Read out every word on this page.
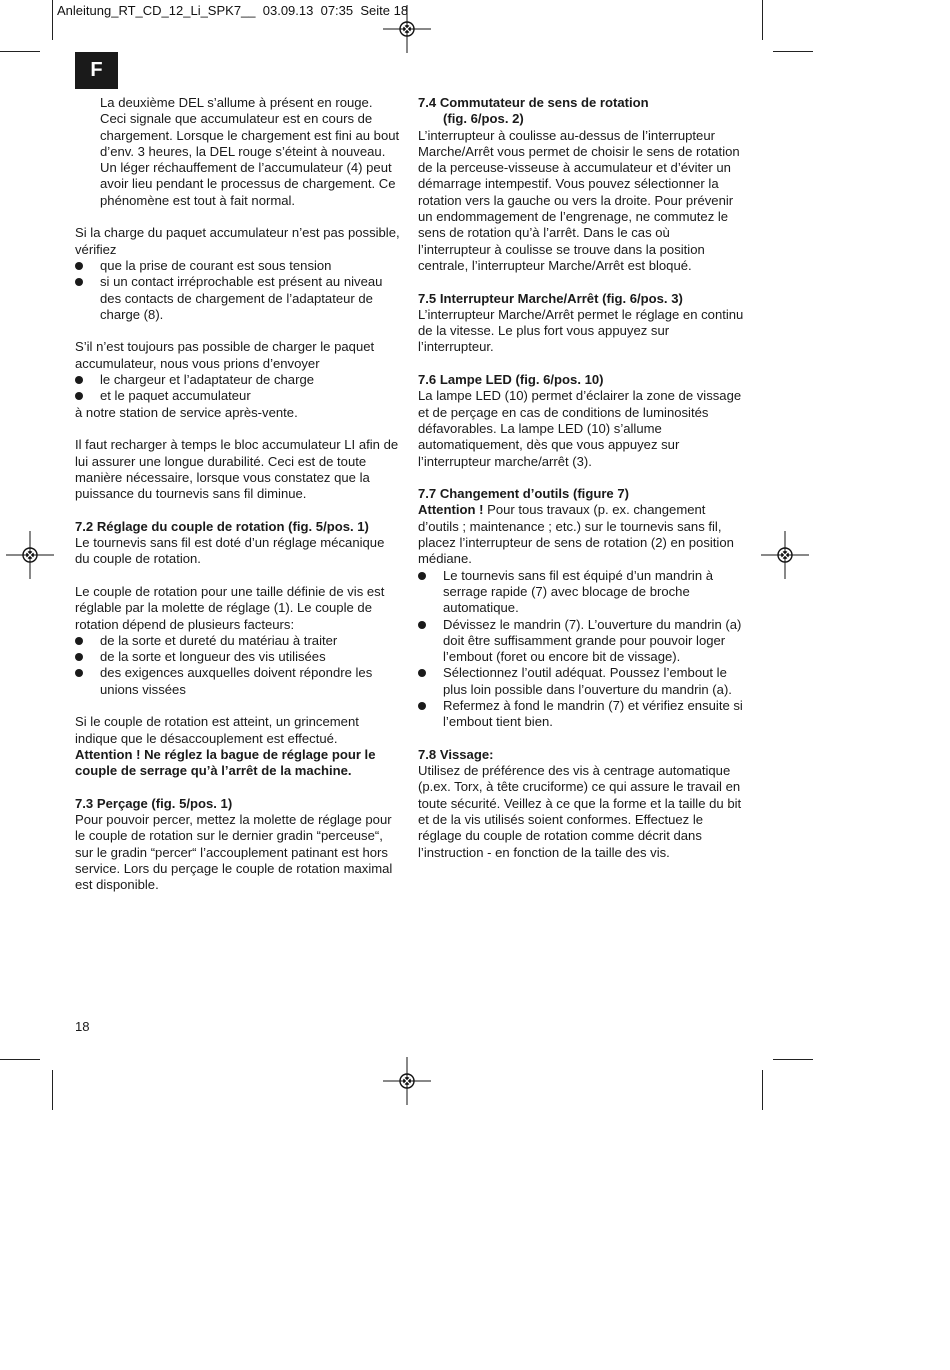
Anleitung_RT_CD_12_Li_SPK7__ 03.09.13 07:35 Seite 18
F

La deuxième DEL s’allume à présent en rouge. Ceci signale que accumulateur est en cours de chargement. Lorsque le chargement est fini au bout d’env. 3 heures, la DEL rouge s’éteint à nouveau. Un léger réchauffement de l’accumulateur (4) peut avoir lieu pendant le processus de chargement. Ce phénomène est tout à fait normal.

Si la charge du paquet accumulateur n’est pas possible, vérifiez
que la prise de courant est sous tension
si un contact irréprochable est présent au niveau des contacts de chargement de l’adaptateur de charge (8).
S’il n’est toujours pas possible de charger le paquet accumulateur, nous vous prions d’envoyer
le chargeur et l’adaptateur de charge
et le paquet accumulateur
à notre station de service après-vente.

Il faut recharger à temps le bloc accumulateur LI afin de lui assurer une longue durabilité. Ceci est de toute manière nécessaire, lorsque vous constatez que la puissance du tournevis sans fil diminue.

7.2 Réglage du couple de rotation (fig. 5/pos. 1)
Le tournevis sans fil est doté d’un réglage mécanique du couple de rotation.
Le couple de rotation pour une taille définie de vis est réglable par la molette de réglage (1). Le couple de rotation dépend de plusieurs facteurs:
de la sorte et dureté du matériau à traiter
de la sorte et longueur des vis utilisées
des exigences auxquelles doivent répondre les unions vissées
Si le couple de rotation est atteint, un grincement indique que le désaccouplement est effectué.
Attention ! Ne réglez la bague de réglage pour le couple de serrage qu’à l’arrêt de la machine.
7.3 Perçage (fig. 5/pos. 1)
Pour pouvoir percer, mettez la molette de réglage pour le couple de rotation sur le dernier gradin “perceuse“, sur le gradin “percer“ l’accouplement patinant est hors service. Lors du perçage le couple de rotation maximal est disponible.
7.4 Commutateur de sens de rotation
(fig. 6/pos. 2)
L’interrupteur à coulisse au-dessus de l’interrupteur Marche/Arrêt vous permet de choisir le sens de rotation de la perceuse-visseuse à accumulateur et d’éviter un démarrage intempestif. Vous pouvez sélectionner la rotation vers la gauche ou vers la droite. Pour prévenir un endommagement de l’engrenage, ne commutez le sens de rotation qu’à l’arrêt. Dans le cas où l’interrupteur à coulisse se trouve dans la position centrale, l’interrupteur Marche/Arrêt est bloqué.
7.5 Interrupteur Marche/Arrêt (fig. 6/pos. 3)
L’interrupteur Marche/Arrêt permet le réglage en continu de la vitesse. Le plus fort vous appuyez sur l’interrupteur.
7.6 Lampe LED (fig. 6/pos. 10)
La lampe LED (10) permet d’éclairer la zone de vissage et de perçage en cas de conditions de luminosités défavorables. La lampe LED (10) s’allume automatiquement, dès que vous appuyez sur l’interrupteur marche/arrêt (3).
7.7 Changement d’outils (figure 7)
Attention ! Pour tous travaux (p. ex. changement d’outils ; maintenance ; etc.) sur le tournevis sans fil, placez l’interrupteur de sens de rotation (2) en position médiane.
Le tournevis sans fil est équipé d’un mandrin à serrage rapide (7) avec blocage de broche automatique.
Dévissez le mandrin (7). L’ouverture du mandrin (a) doit être suffisamment grande pour pouvoir loger l’embout (foret ou encore bit de vissage).
Sélectionnez l’outil adéquat. Poussez l’embout le plus loin possible dans l’ouverture du mandrin (a).
Refermez à fond le mandrin (7) et vérifiez ensuite si l’embout tient bien.
7.8 Vissage:
Utilisez de préférence des vis à centrage automatique (p.ex. Torx, à tête cruciforme) ce qui assure le travail en toute sécurité. Veillez à ce que la forme et la taille du bit et de la vis utilisés soient conformes. Effectuez le réglage du couple de rotation comme décrit dans l’instruction - en fonction de la taille des vis.
18
